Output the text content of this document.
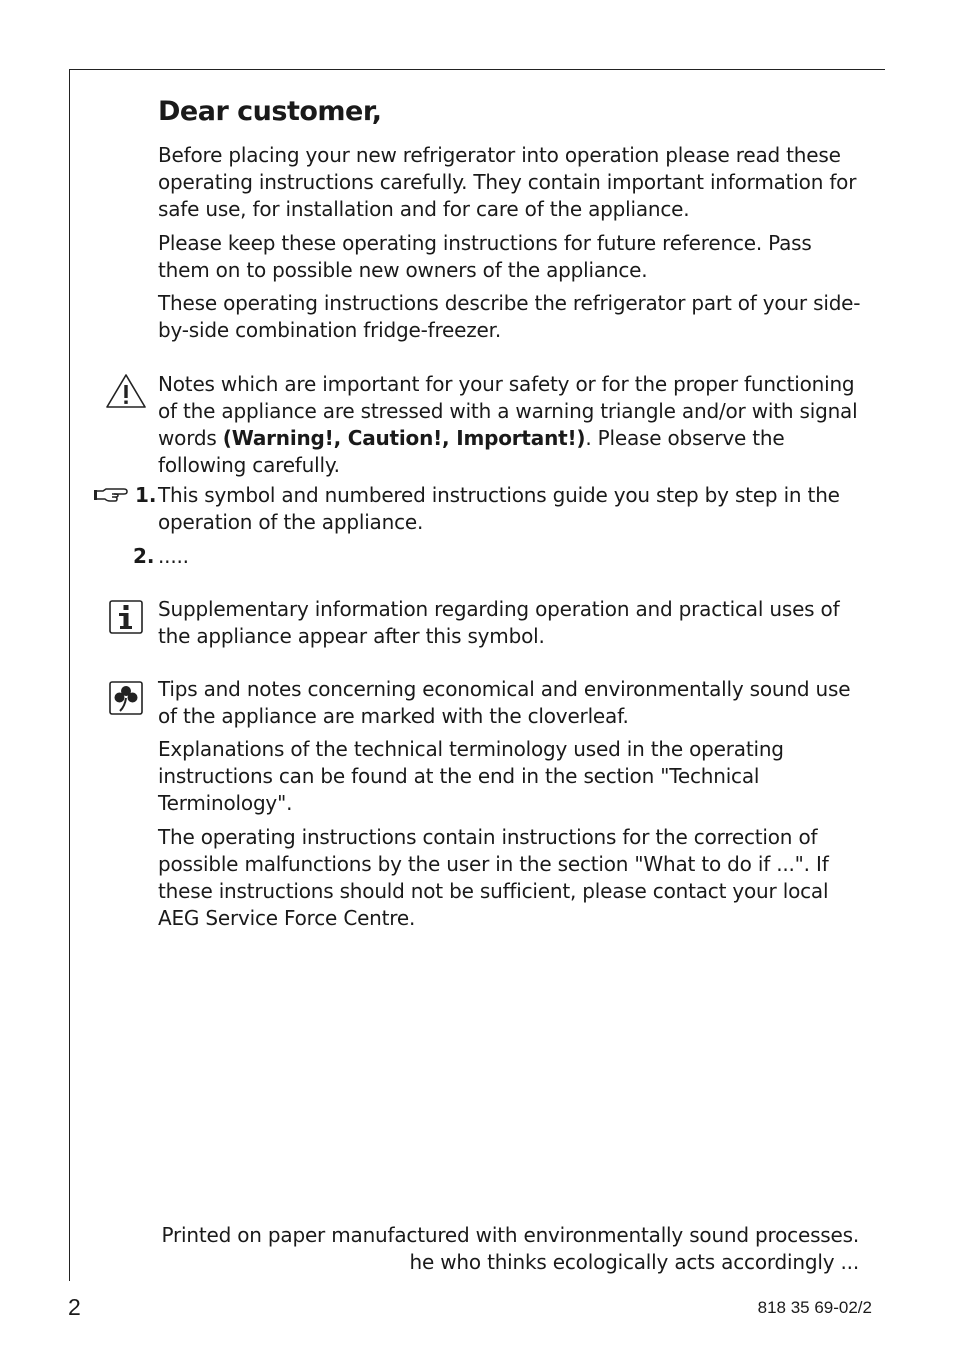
Dear customer,

Before placing your new refrigerator into operation please read these operating instructions carefully. They contain important information for safe use, for installation and for care of the appliance.

Please keep these operating instructions for future reference. Pass them on to possible new owners of the appliance.

These operating instructions describe the refrigerator part of your side-by-side combination fridge-freezer.

Notes which are important for your safety or for the proper functioning of the appliance are stressed with a warning triangle and/or with signal words (Warning!, Caution!, Important!). Please observe the following carefully.

1. This symbol and numbered instructions guide you step by step in the operation of the appliance.

2. .....

Supplementary information regarding operation and practical uses of the appliance appear after this symbol.

Tips and notes concerning economical and environmentally sound use of the appliance are marked with the cloverleaf.

Explanations of the technical terminology used in the operating instructions can be found at the end in the section "Technical Terminology".

The operating instructions contain instructions for the correction of possible malfunctions by the user in the section "What to do if ...". If these instructions should not be sufficient, please contact your local AEG Service Force Centre.

Printed on paper manufactured with environmentally sound processes.
he who thinks ecologically acts accordingly ...
2	818 35 69-02/2
